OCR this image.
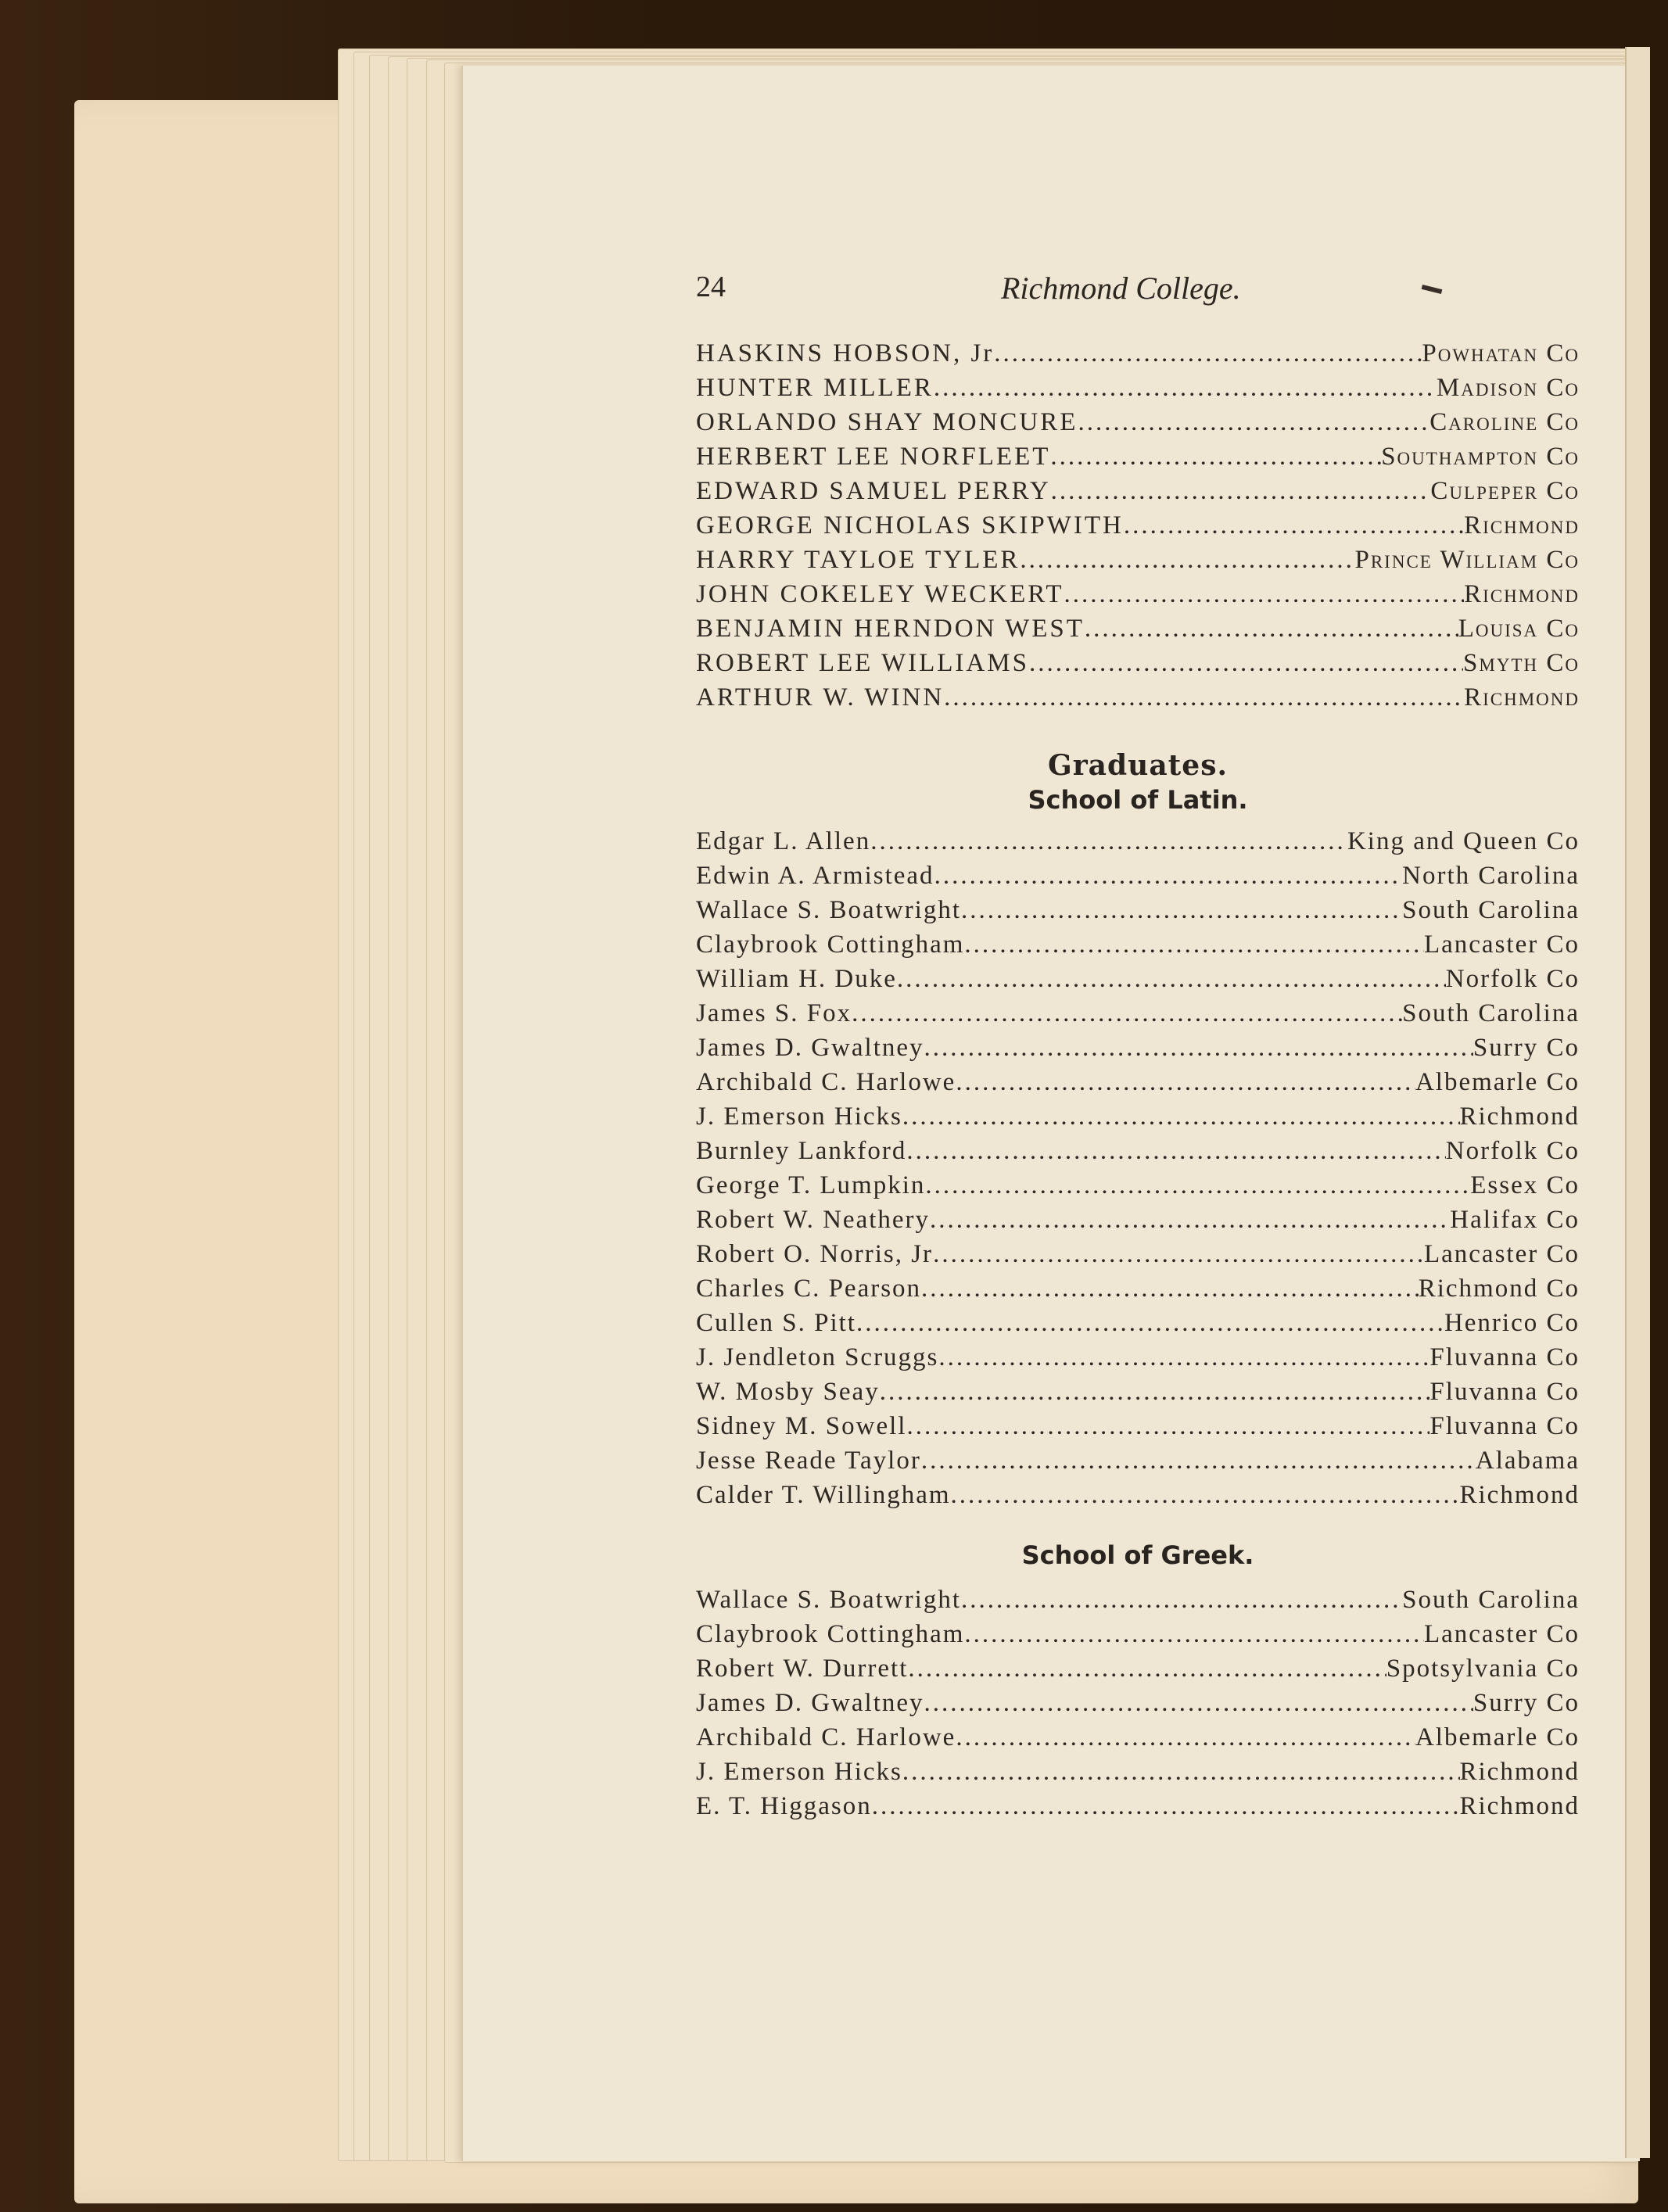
24	Richmond College.
HASKINS HOBSON, Jr .....	Powhatan Co
HUNTER MILLER .....	Madison Co
ORLANDO SHAY MONCURE .....	Caroline Co
HERBERT LEE NORFLEET .....	Southampton Co
EDWARD SAMUEL PERRY .....	Culpeper Co
GEORGE NICHOLAS SKIPWITH .....	Richmond
HARRY TAYLOE TYLER .....	Prince William Co
JOHN COKELEY WECKERT .....	Richmond
BENJAMIN HERNDON WEST .....	Louisa Co
ROBERT LEE WILLIAMS .....	Smyth Co
ARTHUR W. WINN .....	Richmond
Graduates.
School of Latin.
Edgar L. Allen .....	King and Queen Co
Edwin A. Armistead .....	North Carolina
Wallace S. Boatwright .....	South Carolina
Claybrook Cottingham .....	Lancaster Co
William H. Duke .....	Norfolk Co
James S. Fox .....	South Carolina
James D. Gwaltney .....	Surry Co
Archibald C. Harlowe .....	Albemarle Co
J. Emerson Hicks .....	Richmond
Burnley Lankford .....	Norfolk Co
George T. Lumpkin .....	Essex Co
Robert W. Neathery .....	Halifax Co
Robert O. Norris, Jr .....	Lancaster Co
Charles C. Pearson .....	Richmond Co
Cullen S. Pitt .....	Henrico Co
J. Jendleton Scruggs .....	Fluvanna Co
W. Mosby Seay .....	Fluvanna Co
Sidney M. Sowell .....	Fluvanna Co
Jesse Reade Taylor .....	Alabama
Calder T. Willingham .....	Richmond
School of Greek.
Wallace S. Boatwright .....	South Carolina
Claybrook Cottingham .....	Lancaster Co
Robert W. Durrett .....	Spotsylvania Co
James D. Gwaltney .....	Surry Co
Archibald C. Harlowe .....	Albemarle Co
J. Emerson Hicks .....	Richmond
E. T. Higgason .....	Richmond
